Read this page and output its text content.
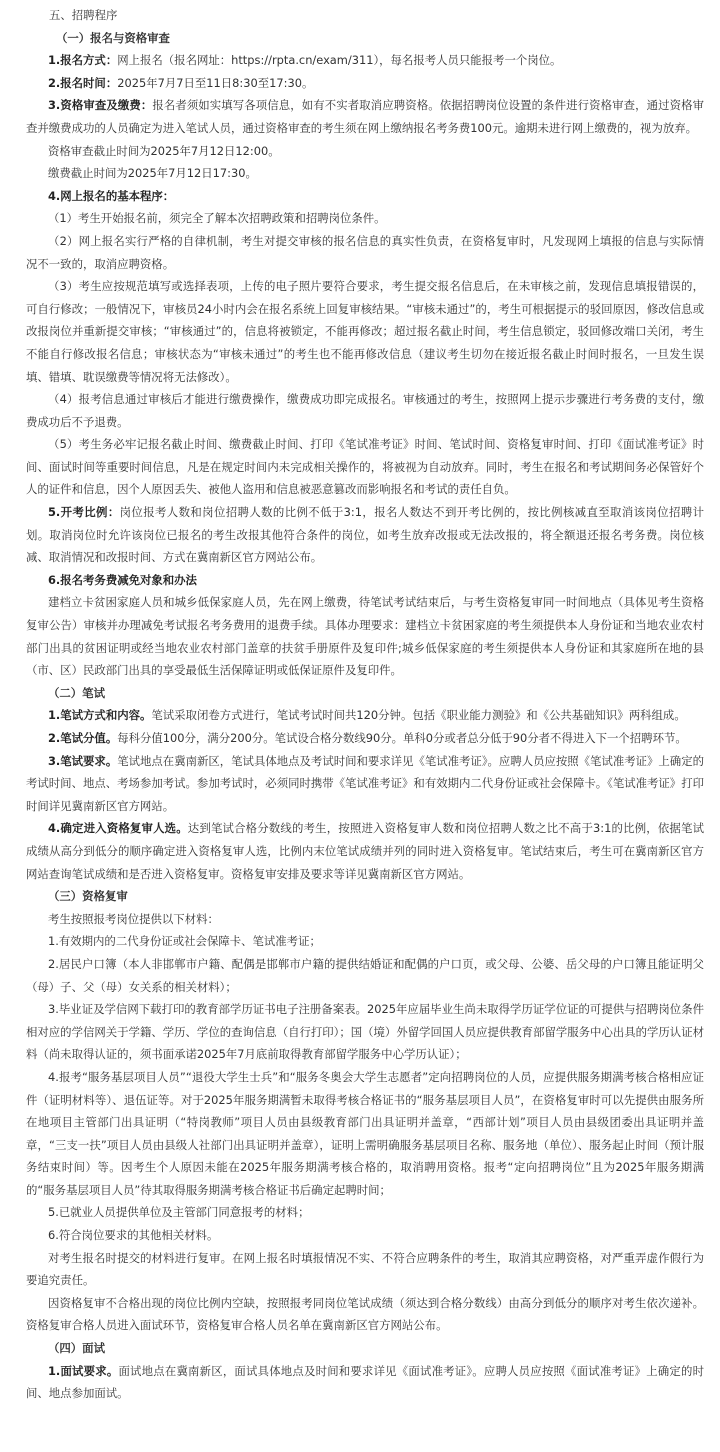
五、招聘程序

（一）报名与资格审查

1.报名方式：网上报名（报名网址：https://rpta.cn/exam/311），每名报考人员只能报考一个岗位。

2.报名时间：2025年7月7日至11日8:30至17:30。

3.资格审查及缴费：报名者须如实填写各项信息，如有不实者取消应聘资格。依据招聘岗位设置的条件进行资格审查，通过资格审查并缴费成功的人员确定为进入笔试人员，通过资格审查的考生须在网上缴纳报名考务费100元。逾期未进行网上缴费的，视为放弃。

资格审查截止时间为2025年7月12日12:00。

缴费截止时间为2025年7月12日17:30。

4.网上报名的基本程序：

（1）考生开始报名前，须完全了解本次招聘政策和招聘岗位条件。

（2）网上报名实行严格的自律机制，考生对提交审核的报名信息的真实性负责，在资格复审时，凡发现网上填报的信息与实际情况不一致的，取消应聘资格。

（3）考生应按规范填写或选择表项，上传的电子照片要符合要求，考生提交报名信息后，在未审核之前，发现信息填报错误的，可自行修改；一般情况下，审核员24小时内会在报名系统上回复审核结果。“审核未通过”的，考生可根据提示的驳回原因，修改信息或改报岗位并重新提交审核；“审核通过”的，信息将被锁定，不能再修改；超过报名截止时间，考生信息锁定，驳回修改端口关闭，考生不能自行修改报名信息；审核状态为“审核未通过”的考生也不能再修改信息（建议考生切勿在接近报名截止时间时报名，一旦发生误填、错填、耽误缴费等情况将无法修改）。

（4）报考信息通过审核后才能进行缴费操作，缴费成功即完成报名。审核通过的考生，按照网上提示步骤进行考务费的支付，缴费成功后不予退费。

（5）考生务必牢记报名截止时间、缴费截止时间、打印《笔试准考证》时间、笔试时间、资格复审时间、打印《面试准考证》时间、面试时间等重要时间信息，凡是在规定时间内未完成相关操作的，将被视为自动放弃。同时，考生在报名和考试期间务必保管好个人的证件和信息，因个人原因丢失、被他人盗用和信息被恶意篡改而影响报名和考试的责任自负。

5.开考比例：岗位报考人数和岗位招聘人数的比例不低于3:1，报名人数达不到开考比例的，按比例核减直至取消该岗位招聘计划。取消岗位时允许该岗位已报名的考生改报其他符合条件的岗位，如考生放弃改报或无法改报的，将全额退还报名考务费。岗位核减、取消情况和改报时间、方式在冀南新区官方网站公布。

6.报名考务费减免对象和办法

建档立卡贫困家庭人员和城乡低保家庭人员，先在网上缴费，待笔试考试结束后，与考生资格复审同一时间地点（具体见考生资格复审公告）审核并办理减免考试报名考务费用的退费手续。具体办理要求：建档立卡贫困家庭的考生须提供本人身份证和当地农业农村部门出具的贫困证明或经当地农业农村部门盖章的扶贫手册原件及复印件;城乡低保家庭的考生须提供本人身份证和其家庭所在地的县（市、区）民政部门出具的享受最低生活保障证明或低保证原件及复印件。

（二）笔试

1.笔试方式和内容。笔试采取闭卷方式进行，笔试考试时间共120分钟。包括《职业能力测验》和《公共基础知识》两科组成。

2.笔试分值。每科分值100分，满分200分。笔试设合格分数线90分。单科0分或者总分低于90分者不得进入下一个招聘环节。

3.笔试要求。笔试地点在冀南新区，笔试具体地点及考试时间和要求详见《笔试准考证》。应聘人员应按照《笔试准考证》上确定的考试时间、地点、考场参加考试。参加考试时，必须同时携带《笔试准考证》和有效期内二代身份证或社会保障卡。《笔试准考证》打印时间详见冀南新区官方网站。

4.确定进入资格复审人选。达到笔试合格分数线的考生，按照进入资格复审人数和岗位招聘人数之比不高于3:1的比例，依据笔试成绩从高分到低分的顺序确定进入资格复审人选，比例内末位笔试成绩并列的同时进入资格复审。笔试结束后，考生可在冀南新区官方网站查询笔试成绩和是否进入资格复审。资格复审安排及要求等详见冀南新区官方网站。

（三）资格复审

考生按照报考岗位提供以下材料：

1.有效期内的二代身份证或社会保障卡、笔试准考证；

2.居民户口簿（本人非邯郸市户籍、配偶是邯郸市户籍的提供结婚证和配偶的户口页，或父母、公婆、岳父母的户口簿且能证明父（母）子、父（母）女关系的相关材料）；

3.毕业证及学信网下载打印的教育部学历证书电子注册备案表。2025年应届毕业生尚未取得学历证学位证的可提供与招聘岗位条件相对应的学信网关于学籍、学历、学位的查询信息（自行打印）；国（境）外留学回国人员应提供教育部留学服务中心出具的学历认证材料（尚未取得认证的，须书面承诺2025年7月底前取得教育部留学服务中心学历认证）；

4.报考“服务基层项目人员”“退役大学生士兵”和“服务冬奥会大学生志愿者”定向招聘岗位的人员，应提供服务期满考核合格相应证件（证明材料等）、退伍证等。对于2025年服务期满暂未取得考核合格证书的“服务基层项目人员”，在资格复审时可以先提供由服务所在地项目主管部门出具证明（“特岗教师”项目人员由县级教育部门出具证明并盖章，“西部计划”项目人员由县级团委出具证明并盖章，“三支一扶”项目人员由县级人社部门出具证明并盖章），证明上需明确服务基层项目名称、服务地（单位）、服务起止时间（预计服务结束时间）等。因考生个人原因未能在2025年服务期满考核合格的，取消聘用资格。报考“定向招聘岗位”且为2025年服务期满的“服务基层项目人员”待其取得服务期满考核合格证书后确定起聘时间；

5.已就业人员提供单位及主管部门同意报考的材料；

6.符合岗位要求的其他相关材料。

对考生报名时提交的材料进行复审。在网上报名时填报情况不实、不符合应聘条件的考生，取消其应聘资格，对严重弄虚作假行为要追究责任。

因资格复审不合格出现的岗位比例内空缺，按照报考同岗位笔试成绩（须达到合格分数线）由高分到低分的顺序对考生依次递补。资格复审合格人员进入面试环节，资格复审合格人员名单在冀南新区官方网站公布。

（四）面试

1.面试要求。面试地点在冀南新区，面试具体地点及时间和要求详见《面试准考证》。应聘人员应按照《面试准考证》上确定的时间、地点参加面试。
